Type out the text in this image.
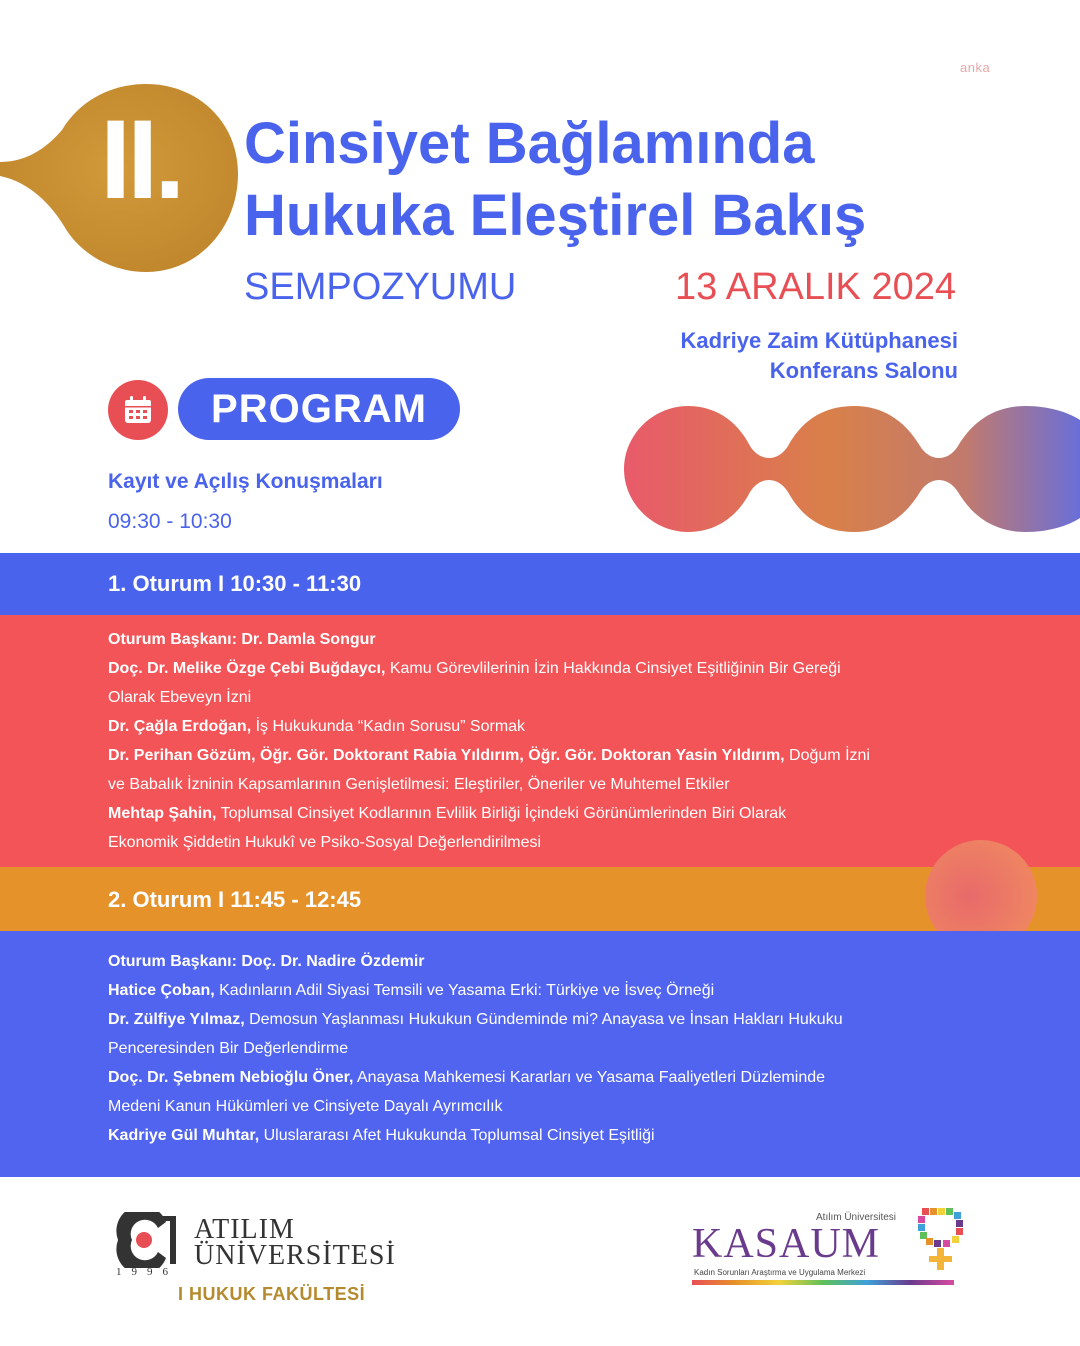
anka
II. Cinsiyet Bağlamında
Hukuka Eleştirel Bakış
SEMPOZYUMU	13 ARALIK 2024
Kadriye Zaim Kütüphanesi
Konferans Salonu
PROGRAM
Kayıt ve Açılış Konuşmaları
09:30 - 10:30
1. Oturum I 10:30 - 11:30
Oturum Başkanı: Dr. Damla Songur
Doç. Dr. Melike Özge Çebi Buğdaycı, Kamu Görevlilerinin İzin Hakkında Cinsiyet Eşitliğinin Bir Gereği
Olarak Ebeveyn İzni
Dr. Çağla Erdoğan, İş Hukukunda “Kadın Sorusu” Sormak
Dr. Perihan Gözüm, Öğr. Gör. Doktorant Rabia Yıldırım, Öğr. Gör. Doktoran Yasin Yıldırım, Doğum İzni
ve Babalık İzninin Kapsamlarının Genişletilmesi: Eleştiriler, Öneriler ve Muhtemel Etkiler
Mehtap Şahin, Toplumsal Cinsiyet Kodlarının Evlilik Birliği İçindeki Görünümlerinden Biri Olarak
Ekonomik Şiddetin Hukukî ve Psiko-Sosyal Değerlendirilmesi
2. Oturum I 11:45 - 12:45
Oturum Başkanı: Doç. Dr. Nadire Özdemir
Hatice Çoban, Kadınların Adil Siyasi Temsili ve Yasama Erki: Türkiye ve İsveç Örneği
Dr. Zülfiye Yılmaz, Demosun Yaşlanması Hukukun Gündeminde mi? Anayasa ve İnsan Hakları Hukuku
Penceresinden Bir Değerlendirme
Doç. Dr. Şebnem Nebioğlu Öner, Anayasa Mahkemesi Kararları ve Yasama Faaliyetleri Düzleminde
Medeni Kanun Hükümleri ve Cinsiyete Dayalı Ayrımcılık
Kadriye Gül Muhtar, Uluslararası Afet Hukukunda Toplumsal Cinsiyet Eşitliği
ATILIM
ÜNİVERSİTESİ
1996
I HUKUK FAKÜLTESİ
Atılım Üniversitesi
KASAUM
Kadın Sorunları Araştırma ve Uygulama Merkezi
